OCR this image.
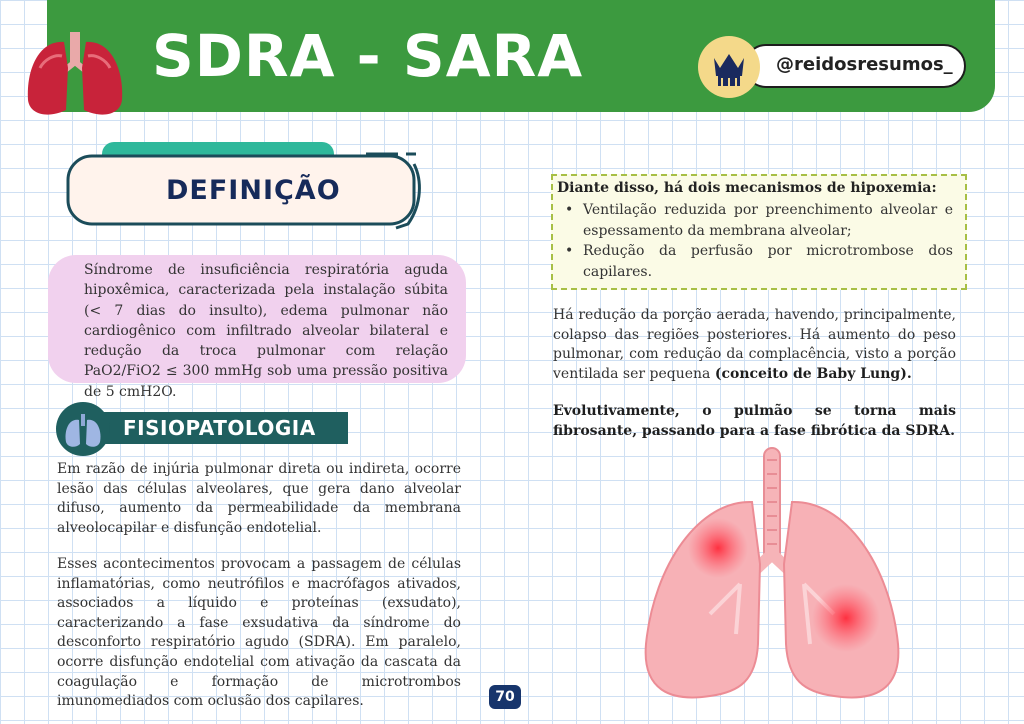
SDRA - SARA	@reidosresumos_
DEFINIÇÃO
Síndrome de insuficiência respiratória aguda hipoxêmica, caracterizada pela instalação súbita (< 7 dias do insulto), edema pulmonar não cardiogênico com infiltrado alveolar bilateral e redução da troca pulmonar com relação PaO2/FiO2 ≤ 300 mmHg sob uma pressão positiva de 5 cmH2O.
FISIOPATOLOGIA
Em razão de injúria pulmonar direta ou indireta, ocorre lesão das células alveolares, que gera dano alveolar difuso, aumento da permeabilidade da membrana alveolocapilar e disfunção endotelial.
Esses acontecimentos provocam a passagem de células inflamatórias, como neutrófilos e macrófagos ativados, associados a líquido e proteínas (exsudato), caracterizando a fase exsudativa da síndrome do desconforto respiratório agudo (SDRA). Em paralelo, ocorre disfunção endotelial com ativação da cascata da coagulação e formação de microtrombos imunomediados com oclusão dos capilares.
Diante disso, há dois mecanismos de hipoxemia:
• Ventilação reduzida por preenchimento alveolar e espessamento da membrana alveolar;
• Redução da perfusão por microtrombose dos capilares.
Há redução da porção aerada, havendo, principalmente, colapso das regiões posteriores. Há aumento do peso pulmonar, com redução da complacência, visto a porção ventilada ser pequena (conceito de Baby Lung).
Evolutivamente, o pulmão se torna mais fibrosante, passando para a fase fibrótica da SDRA.
70
